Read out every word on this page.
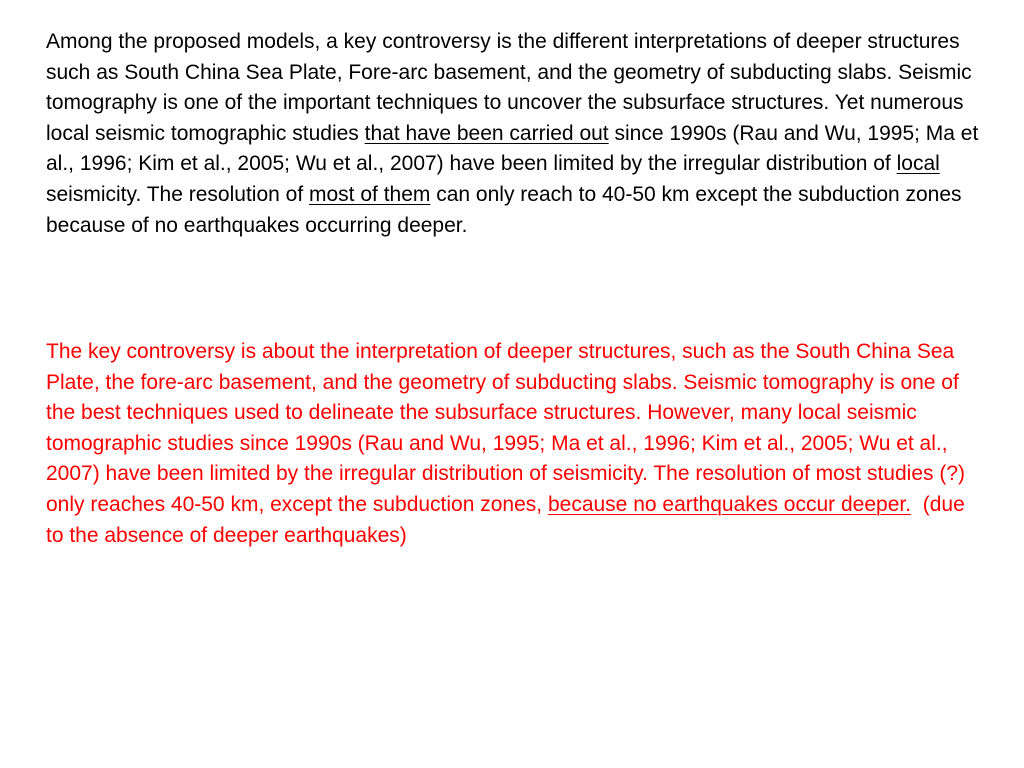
Among the proposed models, a key controversy is the different interpretations of deeper structures such as South China Sea Plate, Fore-arc basement, and the geometry of subducting slabs. Seismic tomography is one of the important techniques to uncover the subsurface structures. Yet numerous local seismic tomographic studies that have been carried out since 1990s (Rau and Wu, 1995; Ma et al., 1996; Kim et al., 2005; Wu et al., 2007) have been limited by the irregular distribution of local seismicity. The resolution of most of them can only reach to 40-50 km except the subduction zones because of no earthquakes occurring deeper.

The key controversy is about the interpretation of deeper structures, such as the South China Sea Plate, the fore-arc basement, and the geometry of subducting slabs. Seismic tomography is one of the best techniques used to delineate the subsurface structures. However, many local seismic tomographic studies since 1990s (Rau and Wu, 1995; Ma et al., 1996; Kim et al., 2005; Wu et al., 2007) have been limited by the irregular distribution of seismicity. The resolution of most studies (?) only reaches 40-50 km, except the subduction zones, because no earthquakes occur deeper.  (due to the absence of deeper earthquakes)
